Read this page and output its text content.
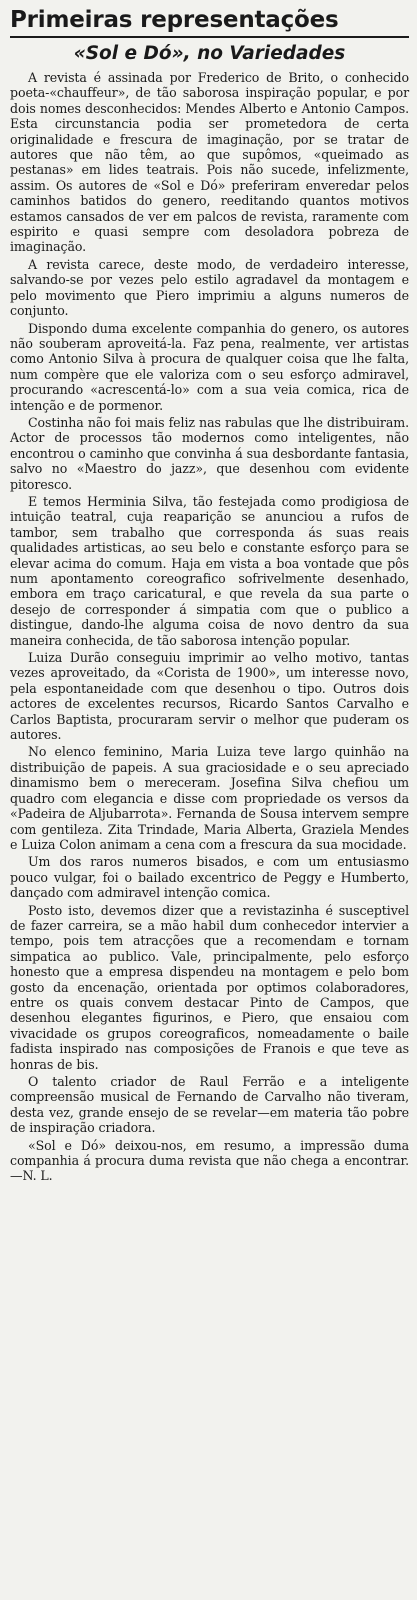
Primeiras representações
«Sol e Dó», no Variedades

A revista é assinada por Frederico de Brito, o conhecido poeta-«chauffeur», de tão saborosa inspiração popular, e por dois nomes desconhecidos: Mendes Alberto e Antonio Campos. Esta circunstancia podia ser prometedora de certa originalidade e frescura de imaginação, por se tratar de autores que não têm, ao que supômos, «queimado as pestanas» em lides teatrais. Pois não sucede, infelizmente, assim. Os autores de «Sol e Dó» preferiram enveredar pelos caminhos batidos do genero, reeditando quantos motivos estamos cansados de ver em palcos de revista, raramente com espirito e quasi sempre com desoladora pobreza de imaginação.

A revista carece, deste modo, de verdadeiro interesse, salvando-se por vezes pelo estilo agradavel da montagem e pelo movimento que Piero imprimiu a alguns numeros de conjunto.

Dispondo duma excelente companhia do genero, os autores não souberam aproveitá-la. Faz pena, realmente, ver artistas como Antonio Silva à procura de qualquer coisa que lhe falta, num compère que ele valoriza com o seu esforço admiravel, procurando «acrescentá-lo» com a sua veia comica, rica de intenção e de pormenor.

Costinha não foi mais feliz nas rabulas que lhe distribuiram. Actor de processos tão modernos como inteligentes, não encontrou o caminho que convinha á sua desbordante fantasia, salvo no «Maestro do jazz», que desenhou com evidente pitoresco.

E temos Herminia Silva, tão festejada como prodigiosa de intuição teatral, cuja reaparição se anunciou a rufos de tambor, sem trabalho que corresponda ás suas reais qualidades artisticas, ao seu belo e constante esforço para se elevar acima do comum. Haja em vista a boa vontade que pôs num apontamento coreografico sofrivelmente desenhado, embora em traço caricatural, e que revela da sua parte o desejo de corresponder á simpatia com que o publico a distingue, dando-lhe alguma coisa de novo dentro da sua maneira conhecida, de tão saborosa intenção popular.

Luiza Durão conseguiu imprimir ao velho motivo, tantas vezes aproveitado, da «Corista de 1900», um interesse novo, pela espontaneidade com que desenhou o tipo. Outros dois actores de excelentes recursos, Ricardo Santos Carvalho e Carlos Baptista, procuraram servir o melhor que puderam os autores.

No elenco feminino, Maria Luiza teve largo quinhão na distribuição de papeis. A sua graciosidade e o seu apreciado dinamismo bem o mereceram. Josefina Silva chefiou um quadro com elegancia e disse com propriedade os versos da «Padeira de Aljubarrota». Fernanda de Sousa intervem sempre com gentileza. Zita Trindade, Maria Alberta, Graziela Mendes e Luiza Colon animam a cena com a frescura da sua mocidade.

Um dos raros numeros bisados, e com um entusiasmo pouco vulgar, foi o bailado excentrico de Peggy e Humberto, dançado com admiravel intenção comica.

Posto isto, devemos dizer que a revistazinha é susceptivel de fazer carreira, se a mão habil dum conhecedor intervier a tempo, pois tem atracções que a recomendam e tornam simpatica ao publico. Vale, principalmente, pelo esforço honesto que a empresa dispendeu na montagem e pelo bom gosto da encenação, orientada por optimos colaboradores, entre os quais convem destacar Pinto de Campos, que desenhou elegantes figurinos, e Piero, que ensaiou com vivacidade os grupos coreograficos, nomeadamente o baile fadista inspirado nas composições de Franois e que teve as honras de bis.

O talento criador de Raul Ferrão e a inteligente compreensão musical de Fernando de Carvalho não tiveram, desta vez, grande ensejo de se revelar—em materia tão pobre de inspiração criadora.

«Sol e Dó» deixou-nos, em resumo, a impressão duma companhia á procura duma revista que não chega a encontrar.—N. L.
